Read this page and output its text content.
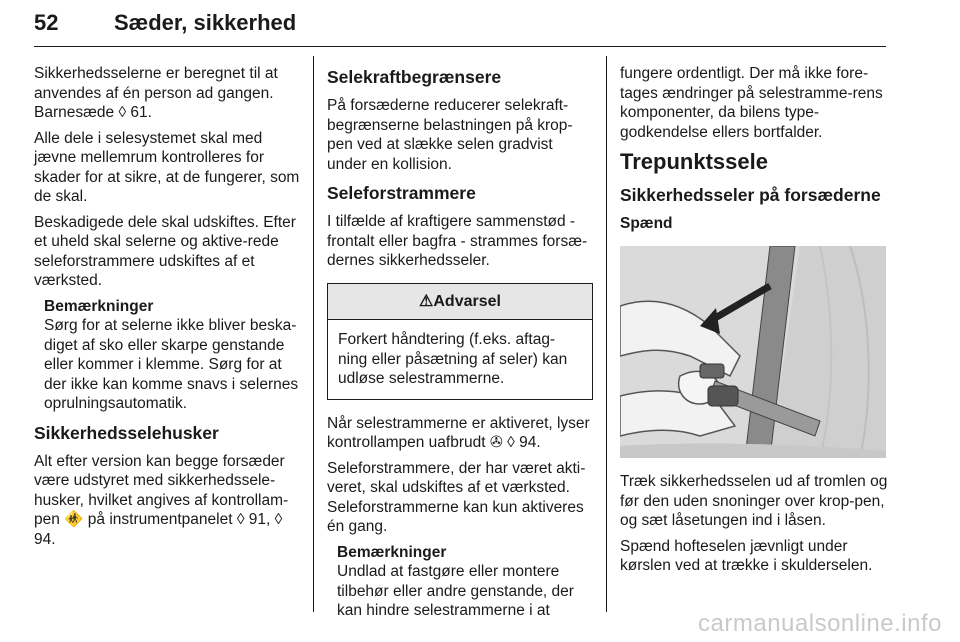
52	Sæder, sikkerhed

Sikkerhedsselerne er beregnet til at anvendes af én person ad gangen. Barnesæde ◊ 61.

Alle dele i selesystemet skal med jævne mellemrum kontrolleres for skader for at sikre, at de fungerer, som de skal.

Beskadigede dele skal udskiftes. Efter et uheld skal selerne og aktive-rede seleforstrammere udskiftes af et værksted.

Bemærkninger
Sørg for at selerne ikke bliver beska-diget af sko eller skarpe genstande eller kommer i klemme. Sørg for at der ikke kan komme snavs i selernes oprulningsautomatik.
Sikkerhedsselehusker

Alt efter version kan begge forsæder være udstyret med sikkerhedssele-husker, hvilket angives af kontrollam-pen 🚸 på instrumentpanelet ◊ 91, ◊ 94.

Selekraftbegrænsere

På forsæderne reducerer selekraft-begrænserne belastningen på krop-pen ved at slække selen gradvist under en kollision.

Seleforstrammere

I tilfælde af kraftigere sammenstød - frontalt eller bagfra - strammes forsæ-dernes sikkerhedsseler.

⚠Advarsel
Forkert håndtering (f.eks. aftag-ning eller påsætning af seler) kan udløse selestrammerne.

Når selestrammerne er aktiveret, lyser kontrollampen uafbrudt ✇ ◊ 94.

Seleforstrammere, der har været akti-veret, skal udskiftes af et værksted. Seleforstrammerne kan kun aktiveres én gang.

Bemærkninger
Undlad at fastgøre eller montere tilbehør eller andre genstande, der kan hindre selestrammerne i at

fungere ordentligt. Der må ikke fore-tages ændringer på selestramme-rens komponenter, da bilens type-godkendelse ellers bortfalder.

Trepunktssele
Sikkerhedsseler på forsæderne
Spænd

Træk sikkerhedsselen ud af tromlen og før den uden snoninger over krop-pen, og sæt låsetungen ind i låsen.

Spænd hofteselen jævnligt under kørslen ved at trække i skulderselen.

carmanualsonline.info
